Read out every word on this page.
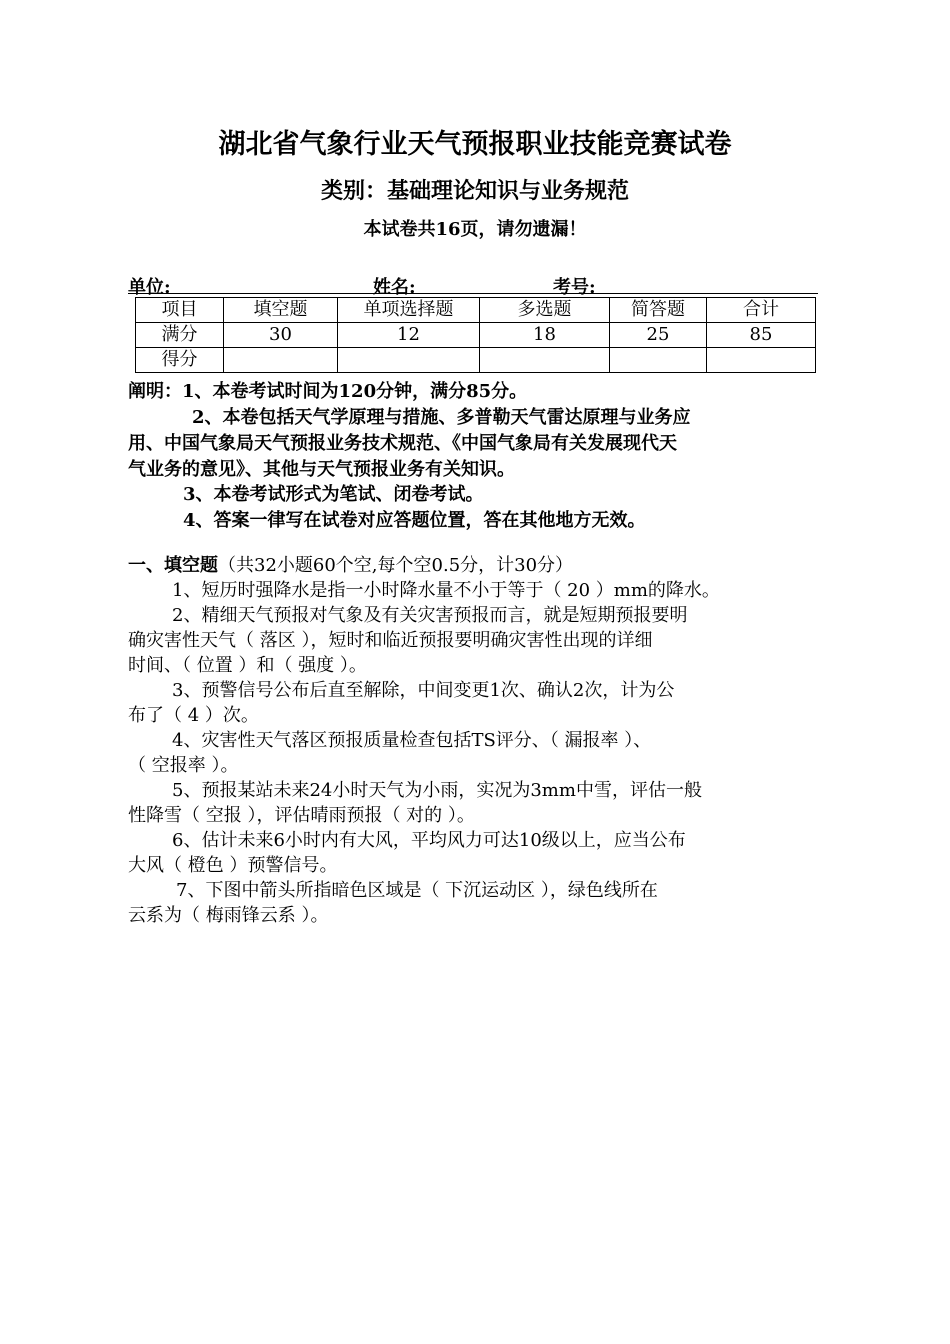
湖北省气象行业天气预报职业技能竞赛试卷
类别：基础理论知识与业务规范
本试卷共16页，请勿遗漏！
单位:	姓名:	考号:
项目	填空题	单项选择题	多选题	简答题	合计
满分	30	12	18	25	85
得分					
阐明：1、本卷考试时间为120分钟，满分85分。
2、本卷包括天气学原理与措施、多普勒天气雷达原理与业务应
用、中国气象局天气预报业务技术规范、《中国气象局有关发展现代天
气业务的意见》、其他与天气预报业务有关知识。
3、本卷考试形式为笔试、闭卷考试。
4、答案一律写在试卷对应答题位置，答在其他地方无效。
一、填空题（共32小题60个空,每个空0.5分，计30分）
1、短历时强降水是指一小时降水量不小于等于（ 20 ）mm的降水。
2、精细天气预报对气象及有关灾害预报而言，就是短期预报要明
确灾害性天气（ 落区 ），短时和临近预报要明确灾害性出现的详细
时间、（ 位置 ）和（ 强度 ）。
3、预警信号公布后直至解除，中间变更1次、确认2次，计为公
布了（ 4 ）次。
4、灾害性天气落区预报质量检查包括TS评分、（ 漏报率 ）、
（ 空报率 ）。
5、预报某站未来24小时天气为小雨，实况为3mm中雪，评估一般
性降雪（ 空报 ），评估晴雨预报（ 对的 ）。
6、估计未来6小时内有大风，平均风力可达10级以上，应当公布
大风（ 橙色 ）预警信号。
7、下图中箭头所指暗色区域是（ 下沉运动区 ），绿色线所在
云系为（ 梅雨锋云系 ）。
